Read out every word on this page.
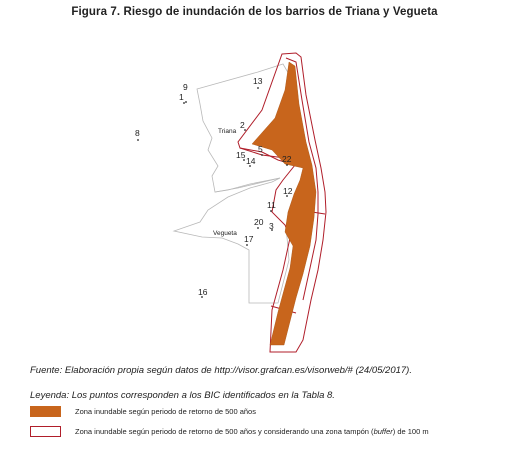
Figura 7. Riesgo de inundación de los barrios de Triana y Vegueta
Triana
Vegueta
9
1
13
8
2
5
15
14	22
12
11
20 3
17
16
Fuente: Elaboración propia según datos de http://visor.grafcan.es/visorweb/# (24/05/2017).
Leyenda: Los puntos corresponden a los BIC identificados en la Tabla 8.
Zona inundable según periodo de retorno de 500 años
Zona inundable según periodo de retorno de 500 años y considerando una zona tampón (buffer) de 100 m
